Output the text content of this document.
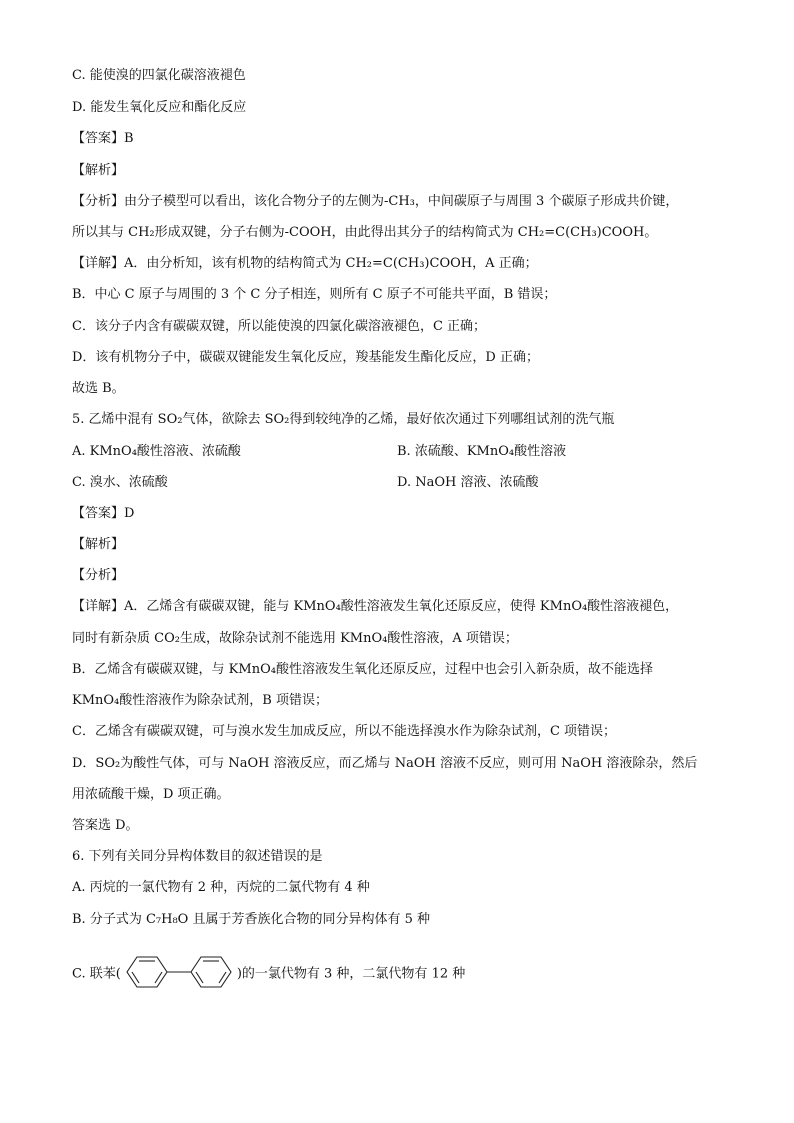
C. 能使溴的四氯化碳溶液褪色
D. 能发生氧化反应和酯化反应
【答案】B
【解析】
【分析】由分子模型可以看出，该化合物分子的左侧为-CH₃，中间碳原子与周围 3 个碳原子形成共价键，
所以其与 CH₂形成双键，分子右侧为-COOH，由此得出其分子的结构简式为 CH₂=C(CH₃)COOH。
【详解】A．由分析知，该有机物的结构简式为 CH₂=C(CH₃)COOH，A 正确；
B．中心 C 原子与周围的 3 个 C 分子相连，则所有 C 原子不可能共平面，B 错误；
C．该分子内含有碳碳双键，所以能使溴的四氯化碳溶液褪色，C 正确；
D．该有机物分子中，碳碳双键能发生氧化反应，羧基能发生酯化反应，D 正确；
故选 B。
5. 乙烯中混有 SO₂气体，欲除去 SO₂得到较纯净的乙烯，最好依次通过下列哪组试剂的洗气瓶
A. KMnO₄酸性溶液、浓硫酸	B. 浓硫酸、KMnO₄酸性溶液
C. 溴水、浓硫酸	D. NaOH 溶液、浓硫酸
【答案】D
【解析】
【分析】
【详解】A．乙烯含有碳碳双键，能与 KMnO₄酸性溶液发生氧化还原反应，使得 KMnO₄酸性溶液褪色，
同时有新杂质 CO₂生成，故除杂试剂不能选用 KMnO₄酸性溶液，A 项错误；
B．乙烯含有碳碳双键，与 KMnO₄酸性溶液发生氧化还原反应，过程中也会引入新杂质，故不能选择
KMnO₄酸性溶液作为除杂试剂，B 项错误；
C．乙烯含有碳碳双键，可与溴水发生加成反应，所以不能选择溴水作为除杂试剂，C 项错误；
D．SO₂为酸性气体，可与 NaOH 溶液反应，而乙烯与 NaOH 溶液不反应，则可用 NaOH 溶液除杂，然后
用浓硫酸干燥，D 项正确。
答案选 D。
6. 下列有关同分异构体数目的叙述错误的是
A. 丙烷的一氯代物有 2 种，丙烷的二氯代物有 4 种
B. 分子式为 C₇H₈O 且属于芳香族化合物的同分异构体有 5 种
C. 联苯(	)的一氯代物有 3 种，二氯代物有 12 种
